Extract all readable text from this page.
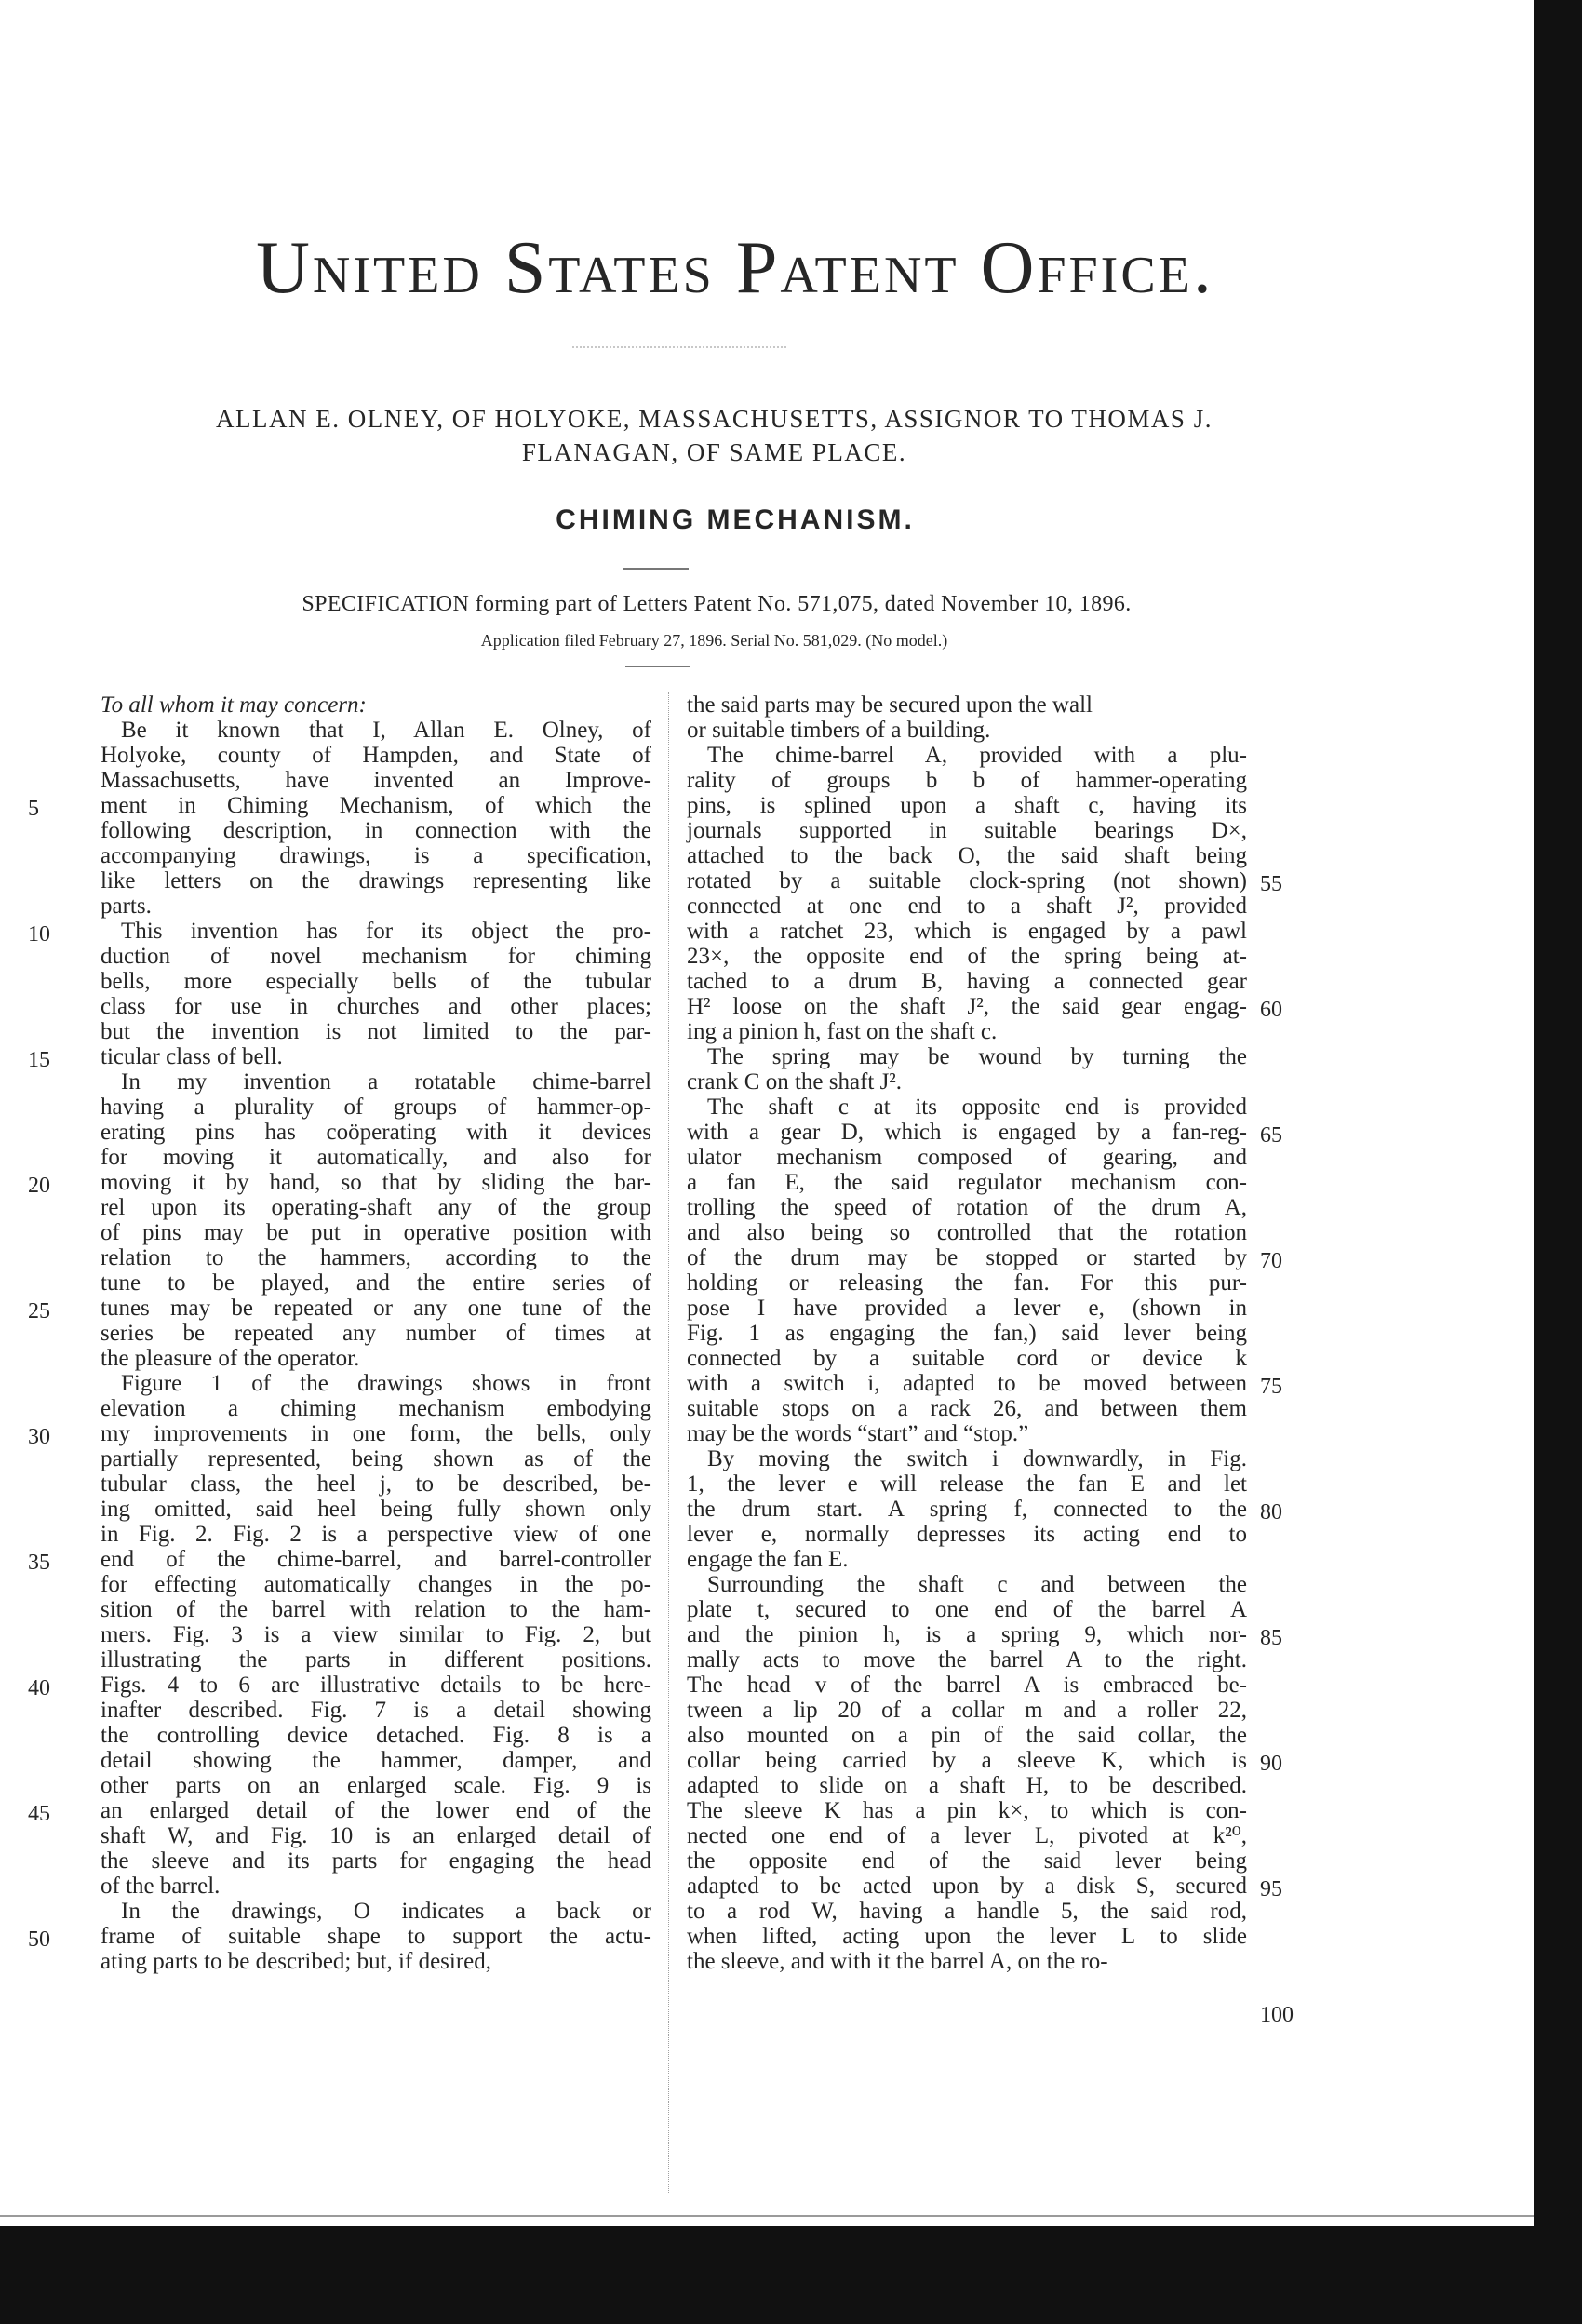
United States Patent Office.
ALLAN E. OLNEY, OF HOLYOKE, MASSACHUSETTS, ASSIGNOR TO THOMAS J.
FLANAGAN, OF SAME PLACE.
CHIMING MECHANISM.
SPECIFICATION forming part of Letters Patent No. 571,075, dated November 10, 1896.
Application filed February 27, 1896. Serial No. 581,029. (No model.)
To all whom it may concern:
Be it known that I, Allan E. Olney, of
Holyoke, county of Hampden, and State of
Massachusetts, have invented an Improve-
ment in Chiming Mechanism, of which the
following description, in connection with the
accompanying drawings, is a specification,
like letters on the drawings representing like
parts.
This invention has for its object the pro-
duction of novel mechanism for chiming
bells, more especially bells of the tubular
class for use in churches and other places;
but the invention is not limited to the par-
ticular class of bell.
In my invention a rotatable chime-barrel
having a plurality of groups of hammer-op-
erating pins has coöperating with it devices
for moving it automatically, and also for
moving it by hand, so that by sliding the bar-
rel upon its operating-shaft any of the group
of pins may be put in operative position with
relation to the hammers, according to the
tune to be played, and the entire series of
tunes may be repeated or any one tune of the
series be repeated any number of times at
the pleasure of the operator.
Figure 1 of the drawings shows in front
elevation a chiming mechanism embodying
my improvements in one form, the bells, only
partially represented, being shown as of the
tubular class, the heel j, to be described, be-
ing omitted, said heel being fully shown only
in Fig. 2. Fig. 2 is a perspective view of one
end of the chime-barrel, and barrel-controller
for effecting automatically changes in the po-
sition of the barrel with relation to the ham-
mers. Fig. 3 is a view similar to Fig. 2, but
illustrating the parts in different positions.
Figs. 4 to 6 are illustrative details to be here-
inafter described. Fig. 7 is a detail showing
the controlling device detached. Fig. 8 is a
detail showing the hammer, damper, and
other parts on an enlarged scale. Fig. 9 is
an enlarged detail of the lower end of the
shaft W, and Fig. 10 is an enlarged detail of
the sleeve and its parts for engaging the head
of the barrel.
In the drawings, O indicates a back or
frame of suitable shape to support the actu-
ating parts to be described; but, if desired,
the said parts may be secured upon the wall
or suitable timbers of a building.
The chime-barrel A, provided with a plu-
rality of groups b b of hammer-operating
pins, is splined upon a shaft c, having its
journals supported in suitable bearings D×,
attached to the back O, the said shaft being
rotated by a suitable clock-spring (not shown)
connected at one end to a shaft J², provided
with a ratchet 23, which is engaged by a pawl
23×, the opposite end of the spring being at-
tached to a drum B, having a connected gear
H² loose on the shaft J², the said gear engag-
ing a pinion h, fast on the shaft c.
The spring may be wound by turning the
crank C on the shaft J².
The shaft c at its opposite end is provided
with a gear D, which is engaged by a fan-reg-
ulator mechanism composed of gearing, and
a fan E, the said regulator mechanism con-
trolling the speed of rotation of the drum A,
and also being so controlled that the rotation
of the drum may be stopped or started by
holding or releasing the fan. For this pur-
pose I have provided a lever e, (shown in
Fig. 1 as engaging the fan,) said lever being
connected by a suitable cord or device k
with a switch i, adapted to be moved between
suitable stops on a rack 26, and between them
may be the words “start” and “stop.”
By moving the switch i downwardly, in Fig.
1, the lever e will release the fan E and let
the drum start. A spring f, connected to the
lever e, normally depresses its acting end to
engage the fan E.
Surrounding the shaft c and between the
plate t, secured to one end of the barrel A
and the pinion h, is a spring 9, which nor-
mally acts to move the barrel A to the right.
The head v of the barrel A is embraced be-
tween a lip 20 of a collar m and a roller 22,
also mounted on a pin of the said collar, the
collar being carried by a sleeve K, which is
adapted to slide on a shaft H, to be described.
The sleeve K has a pin k×, to which is con-
nected one end of a lever L, pivoted at k²⁰,
the opposite end of the said lever being
adapted to be acted upon by a disk S, secured
to a rod W, having a handle 5, the said rod,
when lifted, acting upon the lever L to slide
the sleeve, and with it the barrel A, on the ro-
5
10
15
20
25
30
35
40
45
50
55
60
65
70
75
80
85
90
95
100
